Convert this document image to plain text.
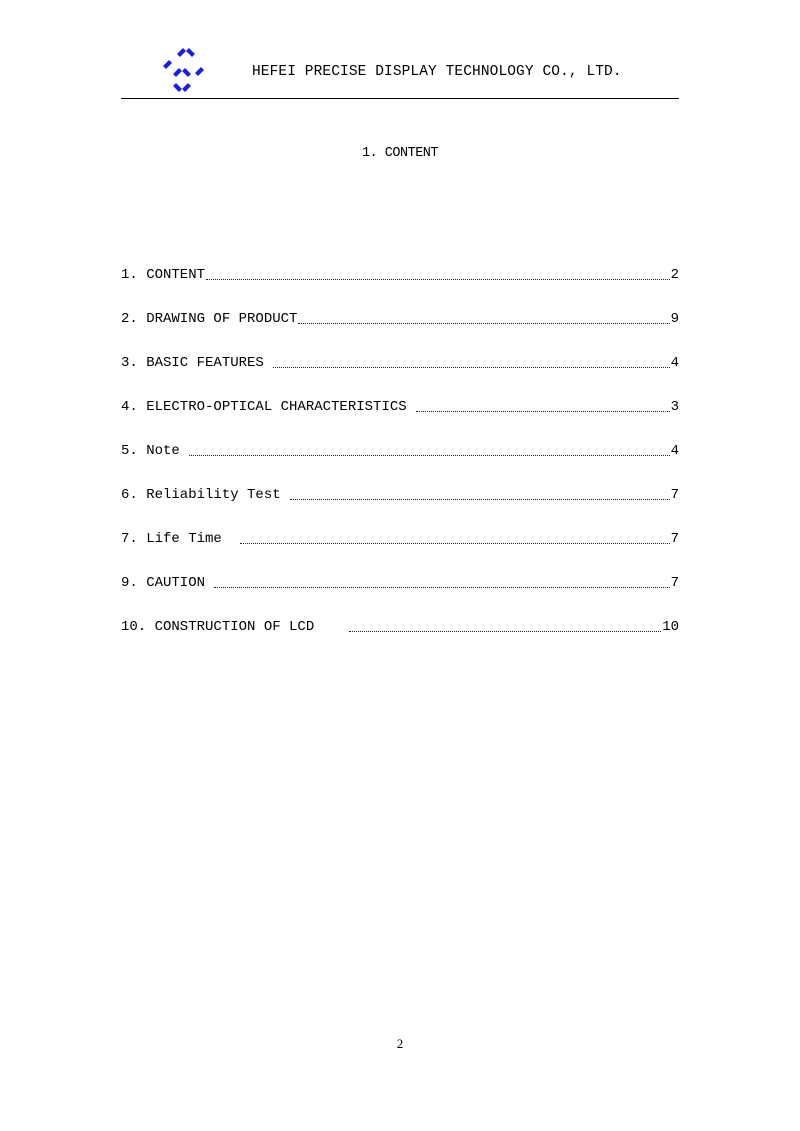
HEFEI PRECISE DISPLAY TECHNOLOGY CO., LTD.
1. CONTENT
1. CONTENT	2
2. DRAWING OF PRODUCT	9
3. BASIC FEATURES	4
4. ELECTRO-OPTICAL CHARACTERISTICS	3
5. Note	4
6. Reliability Test	7
7. Life Time	7
9. CAUTION	7
10. CONSTRUCTION OF LCD	10
2
